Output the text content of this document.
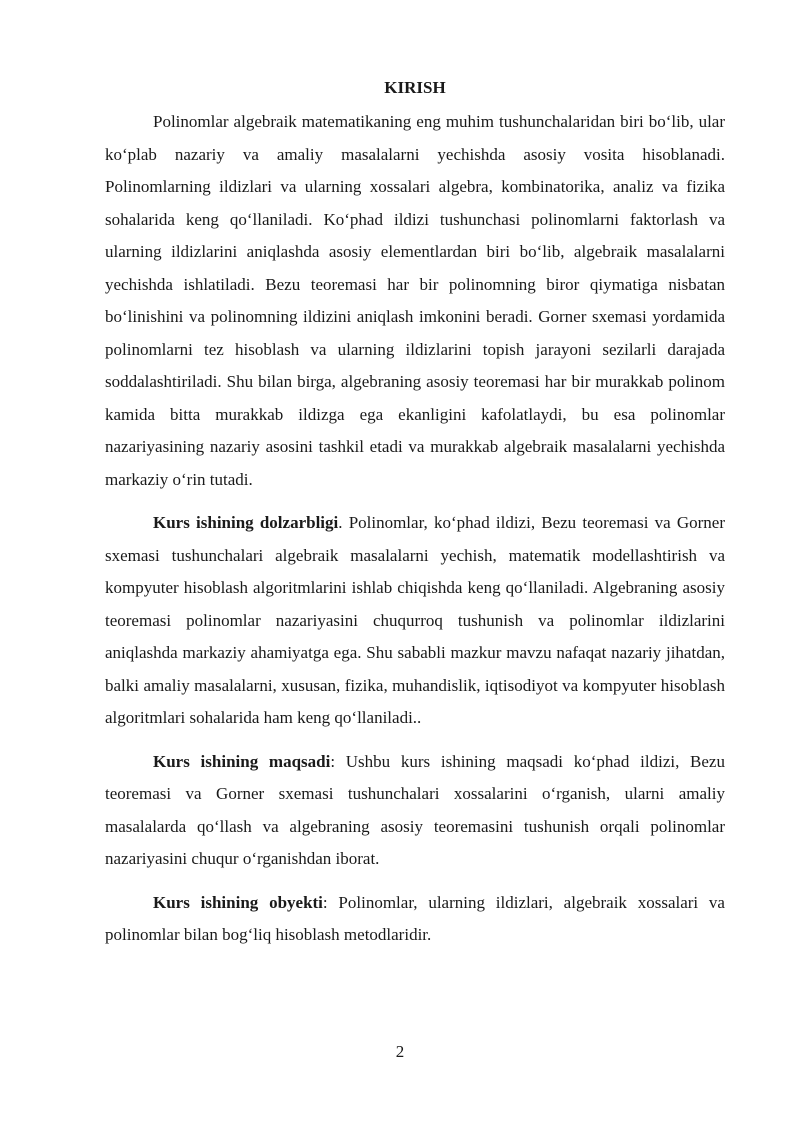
KIRISH

Polinomlar algebraik matematikaning eng muhim tushunchalaridan biri bo‘lib, ular ko‘plab nazariy va amaliy masalalarni yechishda asosiy vosita hisoblanadi. Polinomlarning ildizlari va ularning xossalari algebra, kombinatorika, analiz va fizika sohalarida keng qo‘llaniladi. Ko‘phad ildizi tushunchasi polinomlarni faktorlash va ularning ildizlarini aniqlashda asosiy elementlardan biri bo‘lib, algebraik masalalarni yechishda ishlatiladi. Bezu teoremasi har bir polinomning biror qiymatiga nisbatan bo‘linishini va polinomning ildizini aniqlash imkonini beradi. Gorner sxemasi yordamida polinomlarni tez hisoblash va ularning ildizlarini topish jarayoni sezilarli darajada soddalashtiriladi. Shu bilan birga, algebraning asosiy teoremasi har bir murakkab polinom kamida bitta murakkab ildizga ega ekanligini kafolatlaydi, bu esa polinomlar nazariyasining nazariy asosini tashkil etadi va murakkab algebraik masalalarni yechishda markaziy o‘rin tutadi.

Kurs ishining dolzarbligi. Polinomlar, ko‘phad ildizi, Bezu teoremasi va Gorner sxemasi tushunchalari algebraik masalalarni yechish, matematik modellashtirish va kompyuter hisoblash algoritmlarini ishlab chiqishda keng qo‘llaniladi. Algebraning asosiy teoremasi polinomlar nazariyasini chuqurroq tushunish va polinomlar ildizlarini aniqlashda markaziy ahamiyatga ega. Shu sababli mazkur mavzu nafaqat nazariy jihatdan, balki amaliy masalalarni, xususan, fizika, muhandislik, iqtisodiyot va kompyuter hisoblash algoritmlari sohalarida ham keng qo‘llaniladi..

Kurs ishining maqsadi: Ushbu kurs ishining maqsadi ko‘phad ildizi, Bezu teoremasi va Gorner sxemasi tushunchalari xossalarini o‘rganish, ularni amaliy masalalarda qo‘llash va algebraning asosiy teoremasini tushunish orqali polinomlar nazariyasini chuqur o‘rganishdan iborat.

Kurs ishining obyekti: Polinomlar, ularning ildizlari, algebraik xossalari va polinomlar bilan bog‘liq hisoblash metodlaridir.

2
